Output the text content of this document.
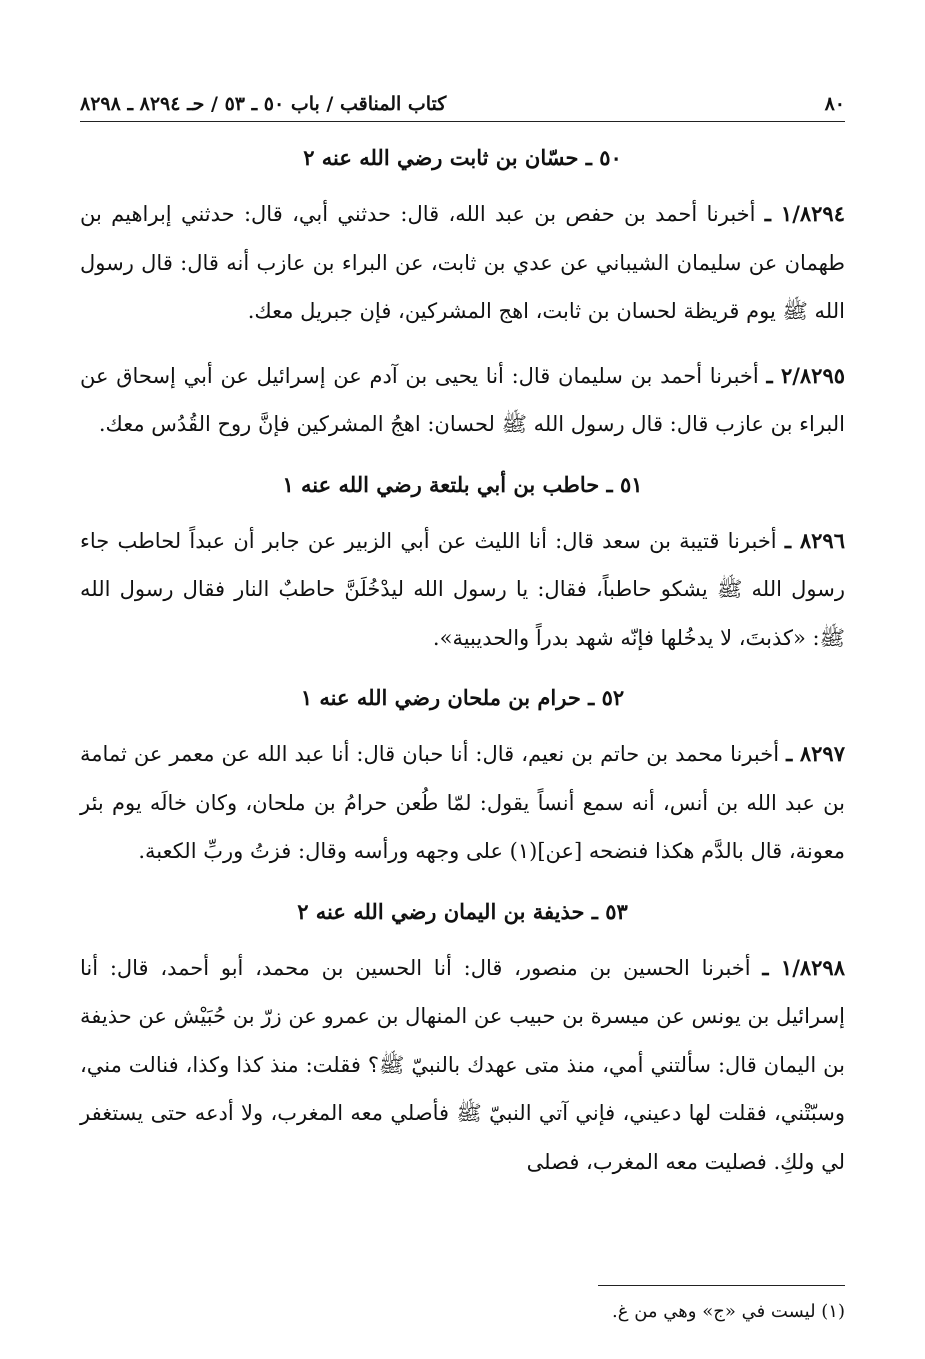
٨٠
كتاب المناقب / باب ٥٠ ـ ٥٣ / حـ ٨٢٩٤ ـ ٨٢٩٨
٥٠ ـ حسّان بن ثابت رضي الله عنه ٢

١/٨٢٩٤ ـ أخبرنا أحمد بن حفص بن عبد الله، قال: حدثني أبي، قال: حدثني إبراهيم بن طهمان عن سليمان الشيباني عن عدي بن ثابت، عن البراء بن عازب أنه قال: قال رسول الله ﷺ يوم قريظة لحسان بن ثابت، اهج المشركين، فإن جبريل معك.

٢/٨٢٩٥ ـ أخبرنا أحمد بن سليمان قال: أنا يحيى بن آدم عن إسرائيل عن أبي إسحاق عن البراء بن عازب قال: قال رسول الله ﷺ لحسان: اهجُ المشركين فإنَّ روح القُدُس معك.

٥١ ـ حاطب بن أبي بلتعة رضي الله عنه ١

٨٢٩٦ ـ أخبرنا قتيبة بن سعد قال: أنا الليث عن أبي الزبير عن جابر أن عبداً لحاطب جاء رسول الله ﷺ يشكو حاطباً، فقال: يا رسول الله ليدْخُلَنَّ حاطبٌ النار فقال رسول الله ﷺ: «كذبتَ، لا يدخُلها فإنّه شهد بدراً والحديبية».

٥٢ ـ حرام بن ملحان رضي الله عنه ١

٨٢٩٧ ـ أخبرنا محمد بن حاتم بن نعيم، قال: أنا حبان قال: أنا عبد الله عن معمر عن ثمامة بن عبد الله بن أنس، أنه سمع أنساً يقول: لمّا طُعن حرامُ بن ملحان، وكان خالَه يوم بئر معونة، قال بالدَّم هكذا فنضحه [عن](١) على وجهه ورأسه وقال: فزتُ وربِّ الكعبة.

٥٣ ـ حذيفة بن اليمان رضي الله عنه ٢

١/٨٢٩٨ ـ أخبرنا الحسين بن منصور، قال: أنا الحسين بن محمد، أبو أحمد، قال: أنا إسرائيل بن يونس عن ميسرة بن حبيب عن المنهال بن عمرو عن زرّ بن حُبَيْش عن حذيفة بن اليمان قال: سألتني أمي، منذ متى عهدك بالنبيّ ﷺ؟ فقلت: منذ كذا وكذا، فنالت مني، وسبّتْني، فقلت لها دعيني، فإني آتي النبيّ ﷺ فأصلي معه المغرب، ولا أدعه حتى يستغفر لي ولكِ. فصليت معه المغرب، فصلى

(١) ليست في «ج» وهي من غ.
